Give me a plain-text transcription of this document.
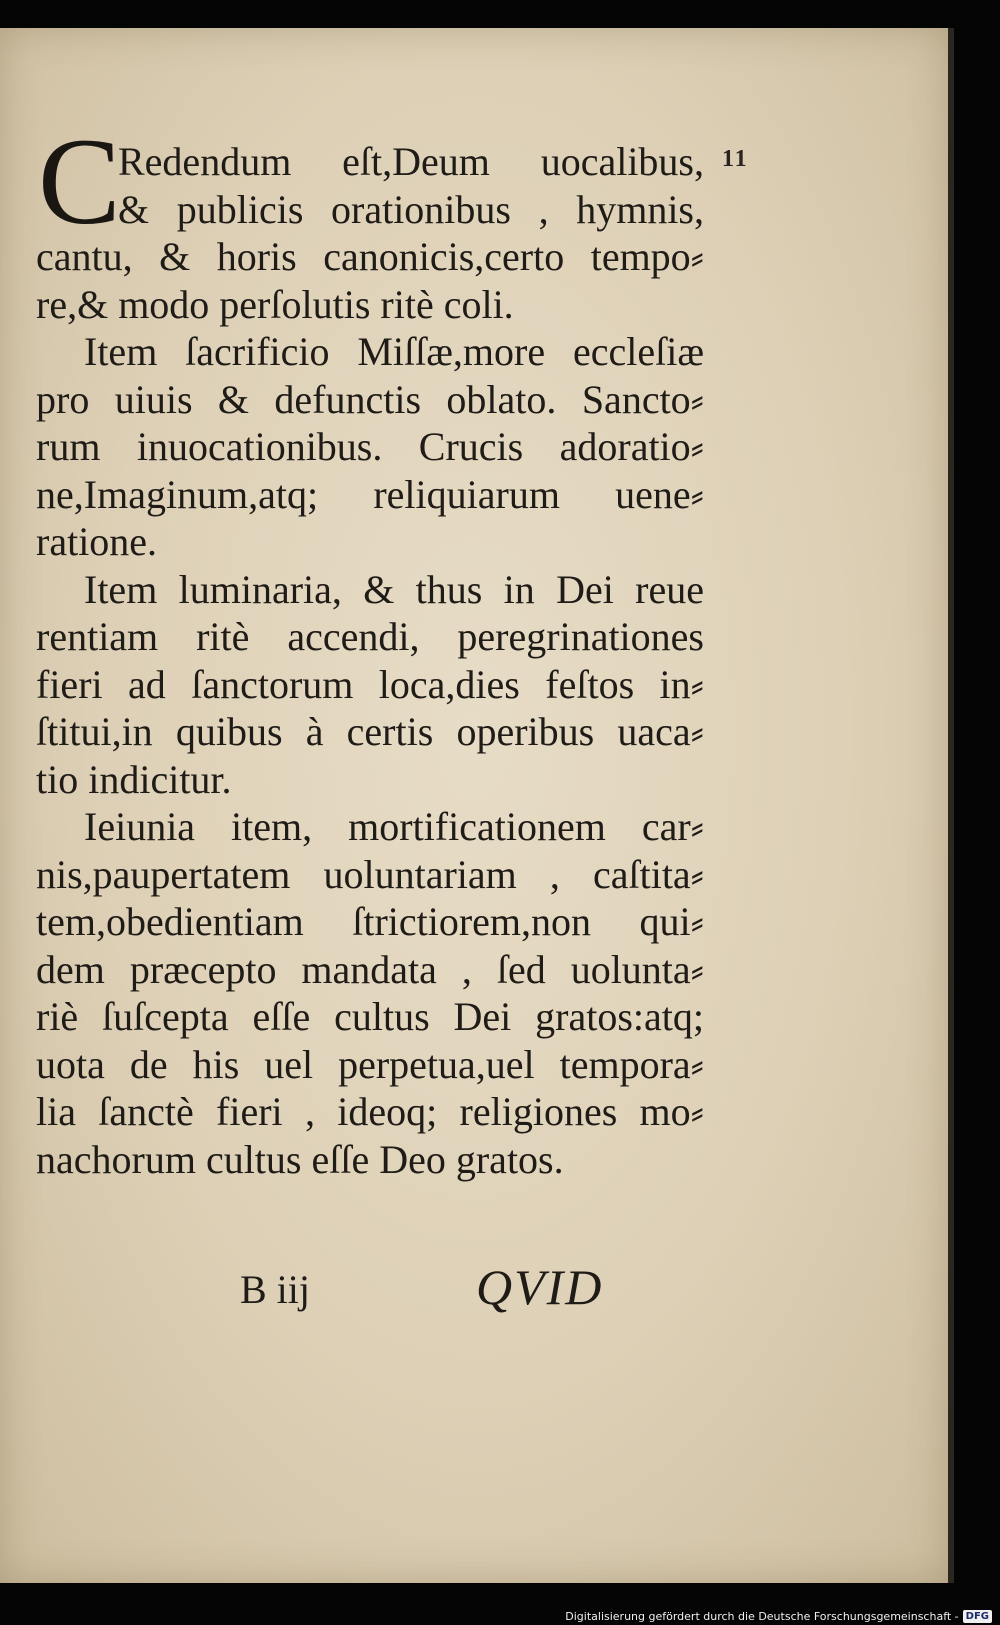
C	11
Redendum eſt,Deum uocalibus,
& publicis orationibus , hymnis,
cantu, & horis canonicis,certo tempo⸗
re,& modo perſolutis ritè coli.
Item ſacrificio Miſſæ,more eccleſiæ
pro uiuis & defunctis oblato. Sancto⸗
rum inuocationibus. Crucis adoratio⸗
ne,Imaginum,atq; reliquiarum uene⸗
ratione.
Item luminaria, & thus in Dei reue
rentiam ritè accendi, peregrinationes
fieri ad ſanctorum loca,dies feſtos in⸗
ſtitui,in quibus à certis operibus uaca⸗
tio indicitur.
Ieiunia item, mortificationem car⸗
nis,paupertatem uoluntariam , caſtita⸗
tem,obedientiam ſtrictiorem,non qui⸗
dem præcepto mandata , ſed uolunta⸗
riè ſuſcepta eſſe cultus Dei gratos:atq;
uota de his uel perpetua,uel tempora⸗
lia ſanctè fieri , ideoq; religiones mo⸗
nachorum cultus eſſe Deo gratos.
B iij	QVID
Digitalisierung gefördert durch die Deutsche Forschungsgemeinschaft - DFG
